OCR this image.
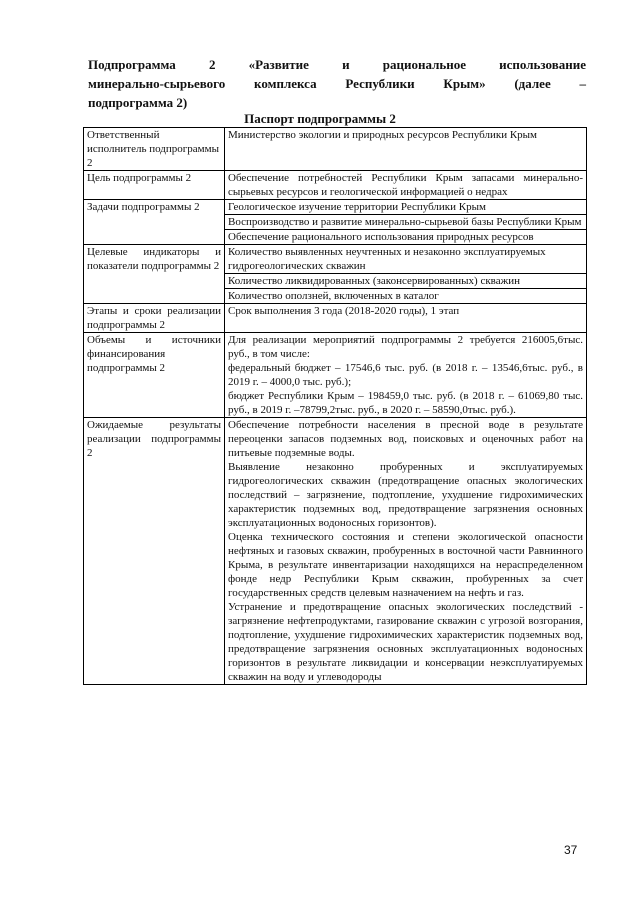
Подпрограмма 2 «Развитие и рациональное использование
минерально-сырьевого комплекса Республики Крым» (далее –
подпрограмма 2)
Паспорт подпрограммы 2
Ответственный исполнитель подпрограммы 2	Министерство экологии и природных ресурсов Республики Крым
Цель подпрограммы 2	Обеспечение потребностей Республики Крым запасами минерально-сырьевых ресурсов и геологической информацией о недрах
Задачи подпрограммы 2	Геологическое изучение территории Республики Крым
	Воспроизводство и развитие минерально-сырьевой базы Республики Крым
	Обеспечение рационального использования природных ресурсов
Целевые индикаторы и показатели подпрограммы 2	Количество выявленных неучтенных и незаконно эксплуатируемых гидрогеологических скважин
	Количество ликвидированных (законсервированных) скважин
	Количество оползней, включенных в каталог
Этапы и сроки реализации подпрограммы 2	Срок выполнения 3 года (2018-2020 годы), 1 этап
Объемы и источники финансирования подпрограммы 2	Для реализации мероприятий подпрограммы 2 требуется 216005,6тыс. руб., в том числе:
федеральный бюджет – 17546,6 тыс. руб. (в 2018 г. – 13546,6тыс. руб., в 2019 г. – 4000,0 тыс. руб.);
бюджет Республики Крым – 198459,0 тыс. руб. (в 2018 г. – 61069,80 тыс. руб., в 2019 г. –78799,2тыс. руб., в 2020 г. – 58590,0тыс. руб.).

Ожидаемые результаты реализации подпрограммы 2	Обеспечение потребности населения в пресной воде в результате переоценки запасов подземных вод, поисковых и оценочных работ на питьевые подземные воды.
Выявление незаконно пробуренных и эксплуатируемых гидрогеологических скважин (предотвращение опасных экологических последствий – загрязнение, подтопление, ухудшение гидрохимических характеристик подземных вод, предотвращение загрязнения основных эксплуатационных водоносных горизонтов).
Оценка технического состояния и степени экологической опасности нефтяных и газовых скважин, пробуренных в восточной части Равнинного Крыма, в результате инвентаризации находящихся на нераспределенном фонде недр Республики Крым скважин, пробуренных за счет государственных средств целевым назначением на нефть и газ.
Устранение и предотвращение опасных экологических последствий - загрязнение нефтепродуктами, газирование скважин с угрозой возгорания, подтопление, ухудшение гидрохимических характеристик подземных вод, предотвращение загрязнения основных эксплуатационных водоносных горизонтов в результате ликвидации и консервации неэксплуатируемых скважин на воду и углеводороды

37
